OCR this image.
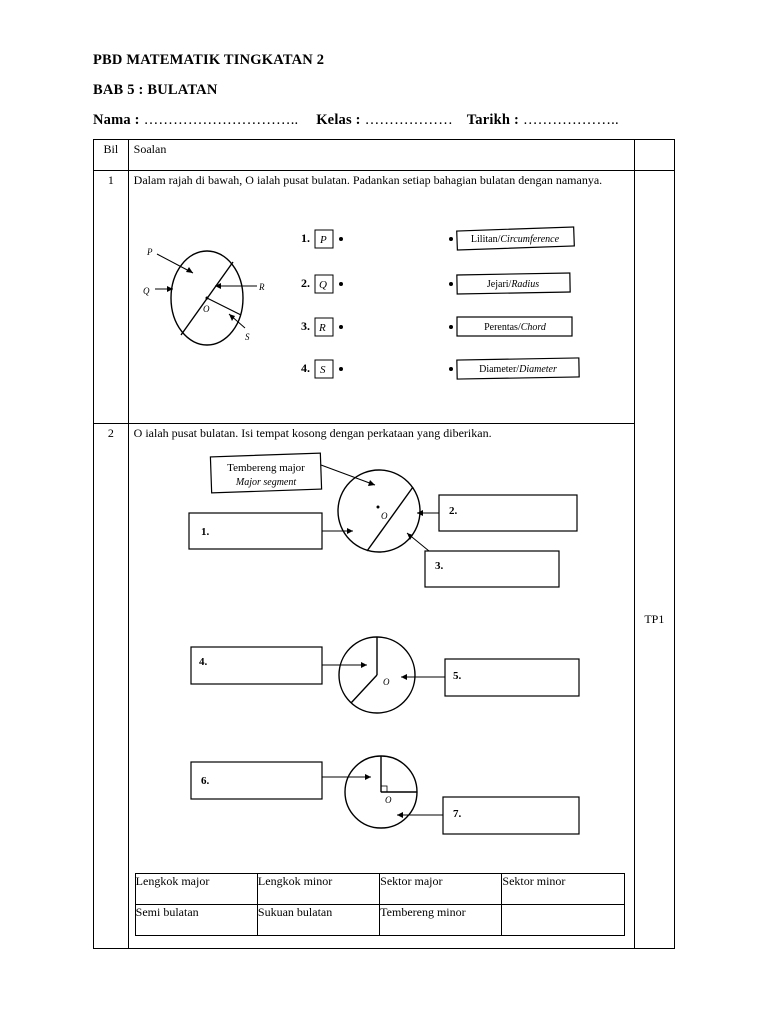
PBD MATEMATIK TINGKATAN 2
BAB 5 : BULATAN
Nama : ………………………….. Kelas : ……………… Tarikh : ………………..
Bil	Soalan

1	Dalam rajah di bawah, O ialah pusat bulatan. Padankan setiap bahagian bulatan dengan namanya.
P
Q	R
S
O
1. P
2. Q
3. R
4. S
Lilitan/Circumference
Jejari/Radius
Perentas/Chord
Diameter/Diameter
	TP1

2	O ialah pusat bulatan. Isi tempat kosong dengan perkataan yang diberikan.
Tembereng major
Major segment
O
1.
2.
3.
O
4.
5.
O
6.
7.
Lengkok major	Lengkok minor	Sektor major	Sektor minor
Semi bulatan	Sukuan bulatan	Tembereng minor	
